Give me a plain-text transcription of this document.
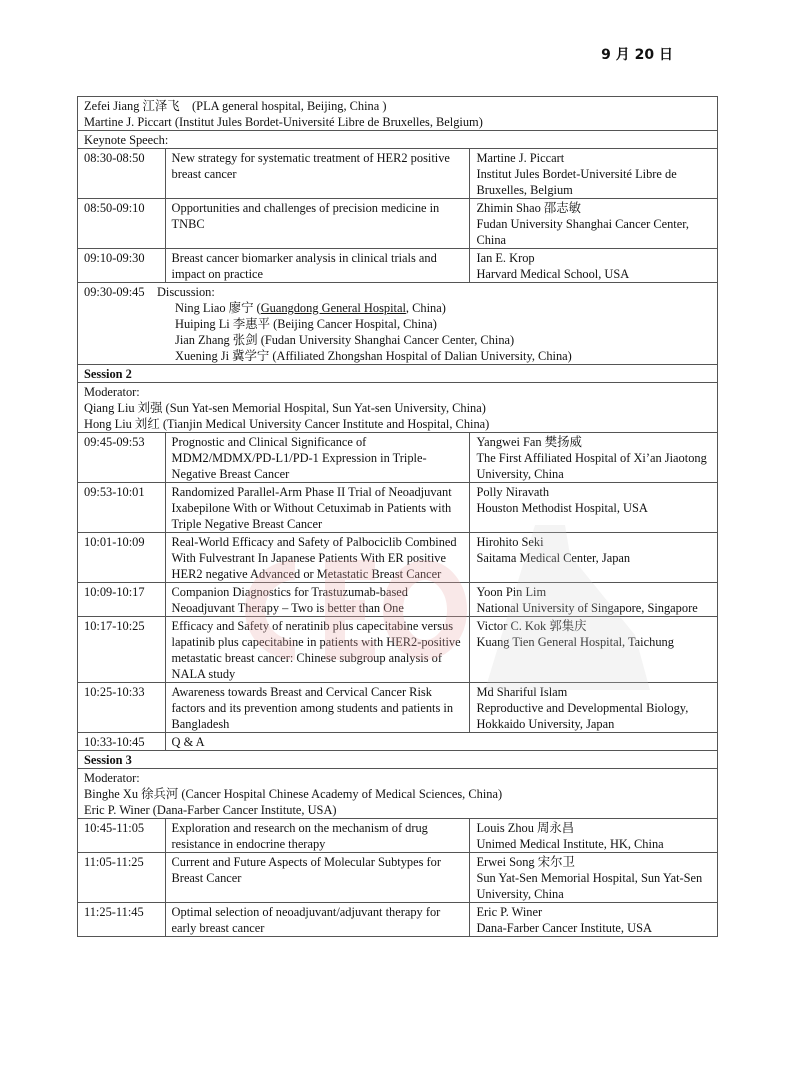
9 月 20 日
Zefei Jiang 江泽飞　(PLA general hospital, Beijing, China )
Martine J. Piccart (Institut Jules Bordet-Université Libre de Bruxelles, Belgium)		

Keynote Speech:		
08:30-08:50	New strategy for systematic treatment of HER2 positive breast cancer	Martine J. Piccart
Institut Jules Bordet-Université Libre de Bruxelles, Belgium

08:50-09:10	Opportunities and challenges of precision medicine in TNBC	Zhimin Shao 邵志敏
Fudan University Shanghai Cancer Center, China

09:10-09:30	Breast cancer biomarker analysis in clinical trials and impact on practice	Ian E. Krop
Harvard Medical School, USA

09:30-09:45 Discussion:
Ning Liao 廖宁 (Guangdong General Hospital, China)
Huiping Li 李惠平 (Beijing Cancer Hospital, China)
Jian Zhang 张剑 (Fudan University Shanghai Cancer Center, China)
Xuening Ji 冀学宁 (Affiliated Zhongshan Hospital of Dalian University, China)		

Session 2		

Moderator:
Qiang Liu 刘强 (Sun Yat-sen Memorial Hospital, Sun Yat-sen University, China)
Hong Liu 刘红 (Tianjin Medical University Cancer Institute and Hospital, China)		

09:45-09:53	Prognostic and Clinical Significance of MDM2/MDMX/PD-L1/PD-1 Expression in Triple-Negative Breast Cancer	Yangwei Fan 樊扬威
The First Affiliated Hospital of Xi’an Jiaotong University, China

09:53-10:01	Randomized Parallel-Arm Phase II Trial of Neoadjuvant Ixabepilone With or Without Cetuximab in Patients with Triple Negative Breast Cancer	Polly Niravath
Houston Methodist Hospital, USA

10:01-10:09	Real-World Efficacy and Safety of Palbociclib Combined With Fulvestrant In Japanese Patients With ER positive HER2 negative Advanced or Metastatic Breast Cancer	Hirohito Seki
Saitama Medical Center, Japan

10:09-10:17	Companion Diagnostics for Trastuzumab-based Neoadjuvant Therapy – Two is better than One	Yoon Pin Lim
National University of Singapore, Singapore

10:17-10:25	Efficacy and Safety of neratinib plus capecitabine versus lapatinib plus capecitabine in patients with HER2-positive metastatic breast cancer: Chinese subgroup analysis of NALA study	Victor C. Kok 郭集庆
Kuang Tien General Hospital, Taichung

10:25-10:33	Awareness towards Breast and Cervical Cancer Risk factors and its prevention among students and patients in Bangladesh	Md Shariful Islam
Reproductive and Developmental Biology, Hokkaido University, Japan

10:33-10:45	Q & A	
Session 3		

Moderator:
Binghe Xu 徐兵河 (Cancer Hospital Chinese Academy of Medical Sciences, China)
Eric P. Winer (Dana-Farber Cancer Institute, USA)		

10:45-11:05	Exploration and research on the mechanism of drug resistance in endocrine therapy	Louis Zhou 周永昌
Unimed Medical Institute, HK, China

11:05-11:25	Current and Future Aspects of Molecular Subtypes for Breast Cancer	Erwei Song 宋尔卫
Sun Yat-Sen Memorial Hospital, Sun Yat-Sen University, China

11:25-11:45	Optimal selection of neoadjuvant/adjuvant therapy for early breast cancer	Eric P. Winer
Dana-Farber Cancer Institute, USA
